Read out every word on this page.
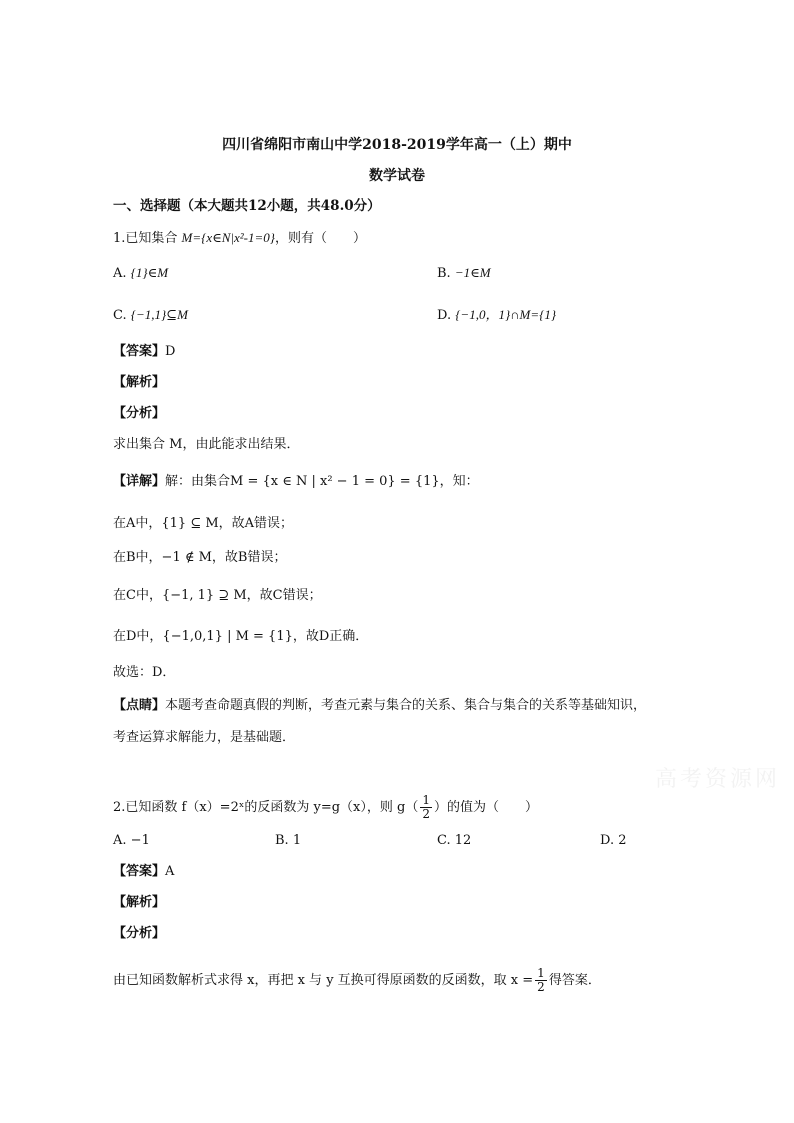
四川省绵阳市南山中学2018-2019学年高一（上）期中
数学试卷
一、选择题（本大题共12小题，共48.0分）
1.已知集合 M={x∈N|x²-1=0}，则有（　　）
A. {1}∈M	B. −1∈M
C. {−1,1}⊆M	D. {−1,0，1}∩M={1}
【答案】D
【解析】
【分析】
求出集合 M，由此能求出结果．
【详解】解：由集合M = {x ∈ N | x² − 1 = 0} = {1}，知：
在A中，{1} ⊆ M，故A错误；
在B中，−1 ∉ M，故B错误；
在C中，{−1, 1} ⊇ M，故C错误；
在D中，{−1,0,1} | M = {1}，故D正确．
故选：D．
【点睛】本题考查命题真假的判断，考查元素与集合的关系、集合与集合的关系等基础知识，
考查运算求解能力，是基础题．
高考资源网
2.已知函数 f（x）=2ˣ的反函数为 y=g（x），则 $g( \frac{1}{2}$ ）的值为（　　）
A. −1	B. 1	C. 12	D. 2
【答案】A
【解析】
【分析】
由已知函数解析式求得 x，再把 x 与 y 互换可得原函数的反函数，取 $x = \frac{1}{2}$ 得答案．
